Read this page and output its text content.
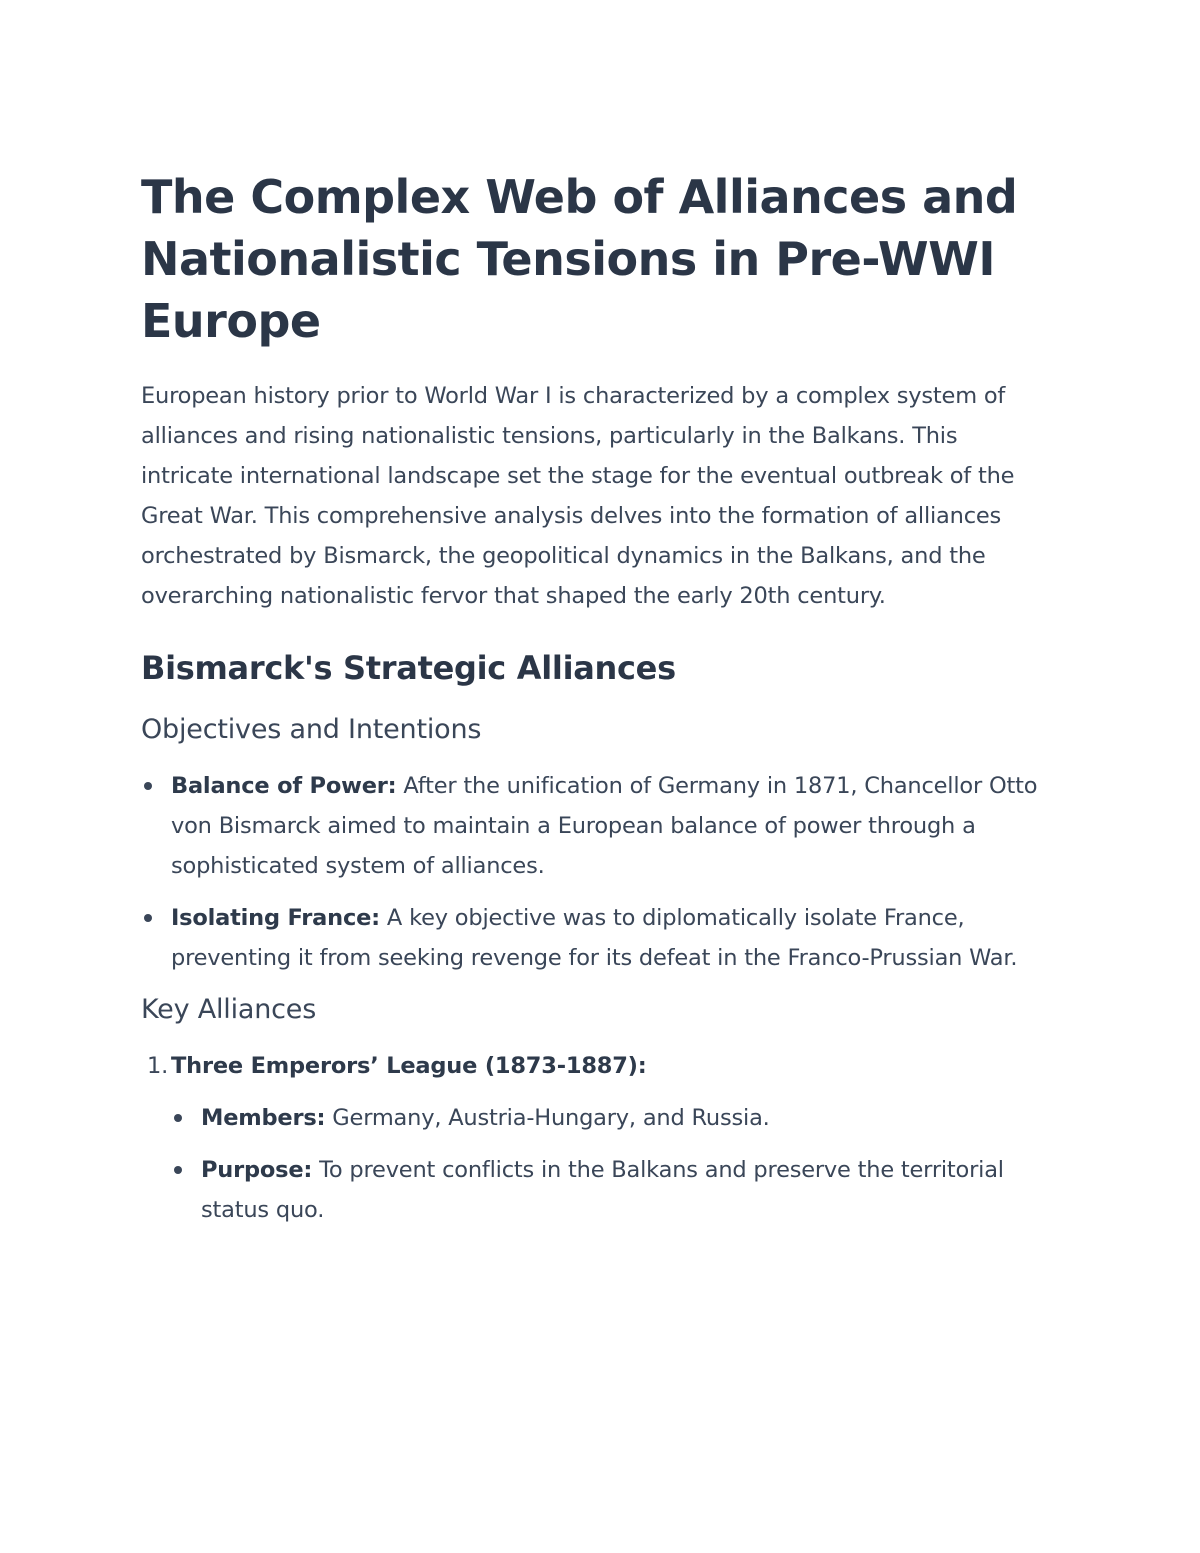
The Complex Web of Alliances and Nationalistic Tensions in Pre-WWI Europe

European history prior to World War I is characterized by a complex system of alliances and rising nationalistic tensions, particularly in the Balkans. This intricate international landscape set the stage for the eventual outbreak of the Great War. This comprehensive analysis delves into the formation of alliances orchestrated by Bismarck, the geopolitical dynamics in the Balkans, and the overarching nationalistic fervor that shaped the early 20th century.

Bismarck's Strategic Alliances
Objectives and Intentions
Balance of Power: After the unification of Germany in 1871, Chancellor Otto von Bismarck aimed to maintain a European balance of power through a sophisticated system of alliances.
Isolating France: A key objective was to diplomatically isolate France, preventing it from seeking revenge for its defeat in the Franco-Prussian War.
Key Alliances
1. Three Emperors’ League (1873-1887):
Members: Germany, Austria-Hungary, and Russia.
Purpose: To prevent conflicts in the Balkans and preserve the territorial status quo.
